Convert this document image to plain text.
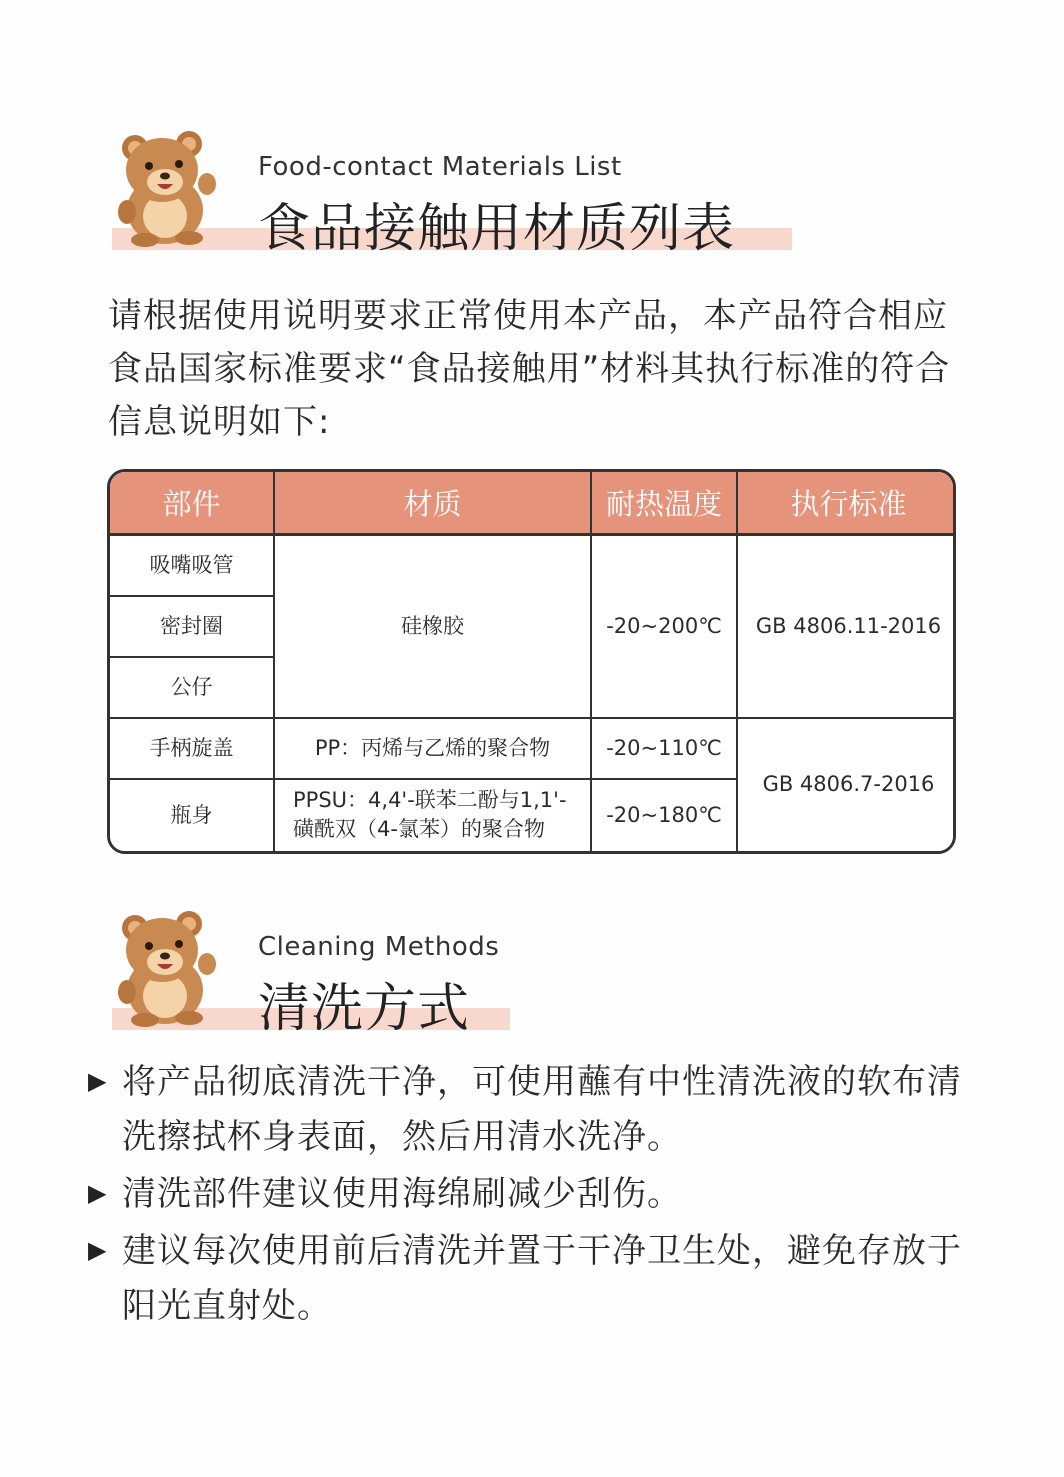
Food-contact Materials List
食品接触用材质列表
请根据使用说明要求正常使用本产品，本产品符合相应食品国家标准要求“食品接触用”材料其执行标准的符合信息说明如下:
部件	材质	耐热温度	执行标准
吸嘴吸管	硅橡胶	-20~200℃	GB 4806.11-2016
密封圈			
公仔			
手柄旋盖	PP：丙烯与乙烯的聚合物	-20~110℃	GB 4806.7-2016
瓶身	PPSU：4,4'-联苯二酚与1,1'-磺酰双（4-氯苯）的聚合物	-20~180℃	
Cleaning Methods
清洗方式
▶ 将产品彻底清洗干净，可使用蘸有中性清洗液的软布清洗擦拭杯身表面，然后用清水洗净。
▶ 清洗部件建议使用海绵刷减少刮伤。
▶ 建议每次使用前后清洗并置于干净卫生处，避免存放于阳光直射处。
